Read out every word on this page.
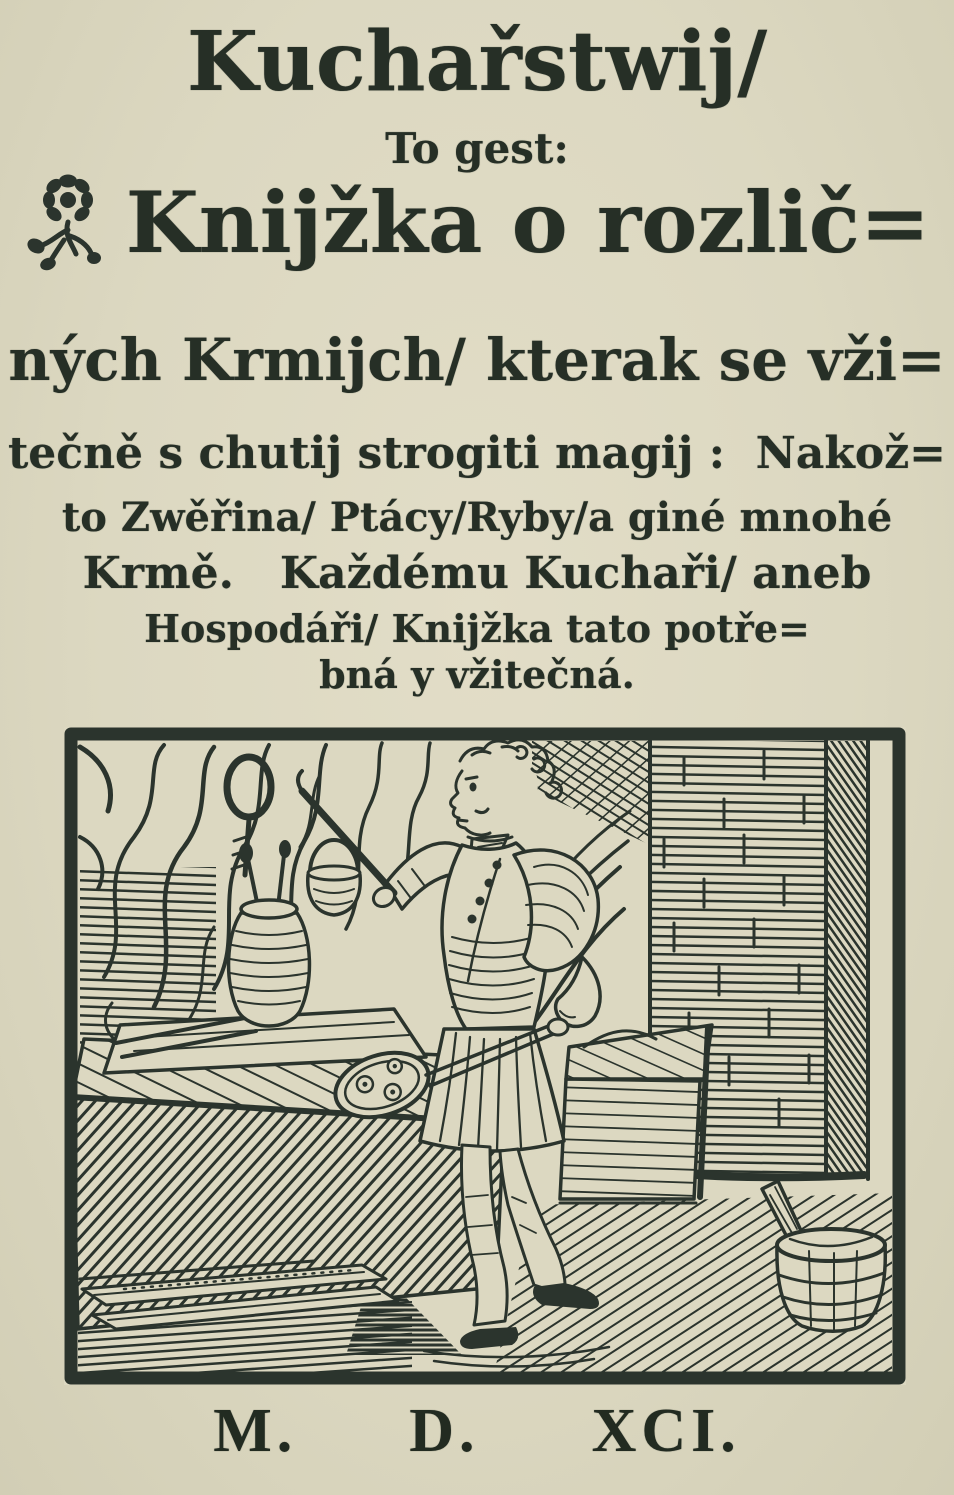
Kuchařstwij/
To gest:
Knijžka o rozlič=
ných Krmijch/ kterak se vži=
tečně s chutij strogiti magij :  Nakož=
to Zwěřina/ Ptácy/Ryby/a giné mnohé
Krmě.   Každému Kuchaři/ aneb
Hospodáři/ Knijžka tato potře=
bná y vžitečná.
M. D. XCI.
